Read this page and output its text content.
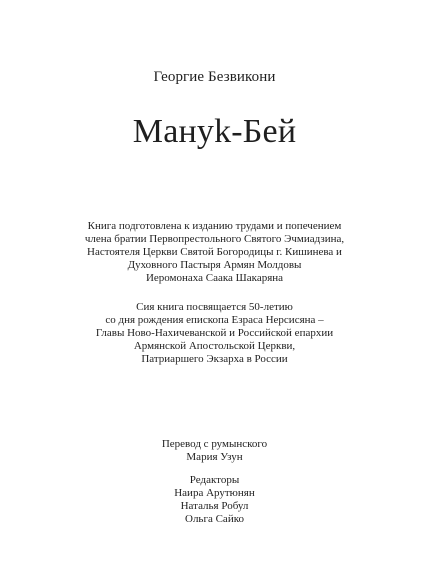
Георгие Безвикони
Мануk-Бей
Книга подготовлена к изданию трудами и попечением
члена братии Первопрестольного Святого Эчмиадзина,
Настоятеля Церкви Святой Богородицы г. Кишинева и
Духовного Пастыря Армян Молдовы
Иеромонаха Саака Шакаряна
Сия книга посвящается 50-летию
со дня рождения епископа Езраса Нерсисяна –
Главы Ново-Нахичеванской и Российской епархии
Армянской Апостольской Церкви,
Патриаршего Экзарха в России
Перевод с румынского
Мария Узун
Редакторы
Наира Арутюнян
Наталья Робул
Ольга Сайко
